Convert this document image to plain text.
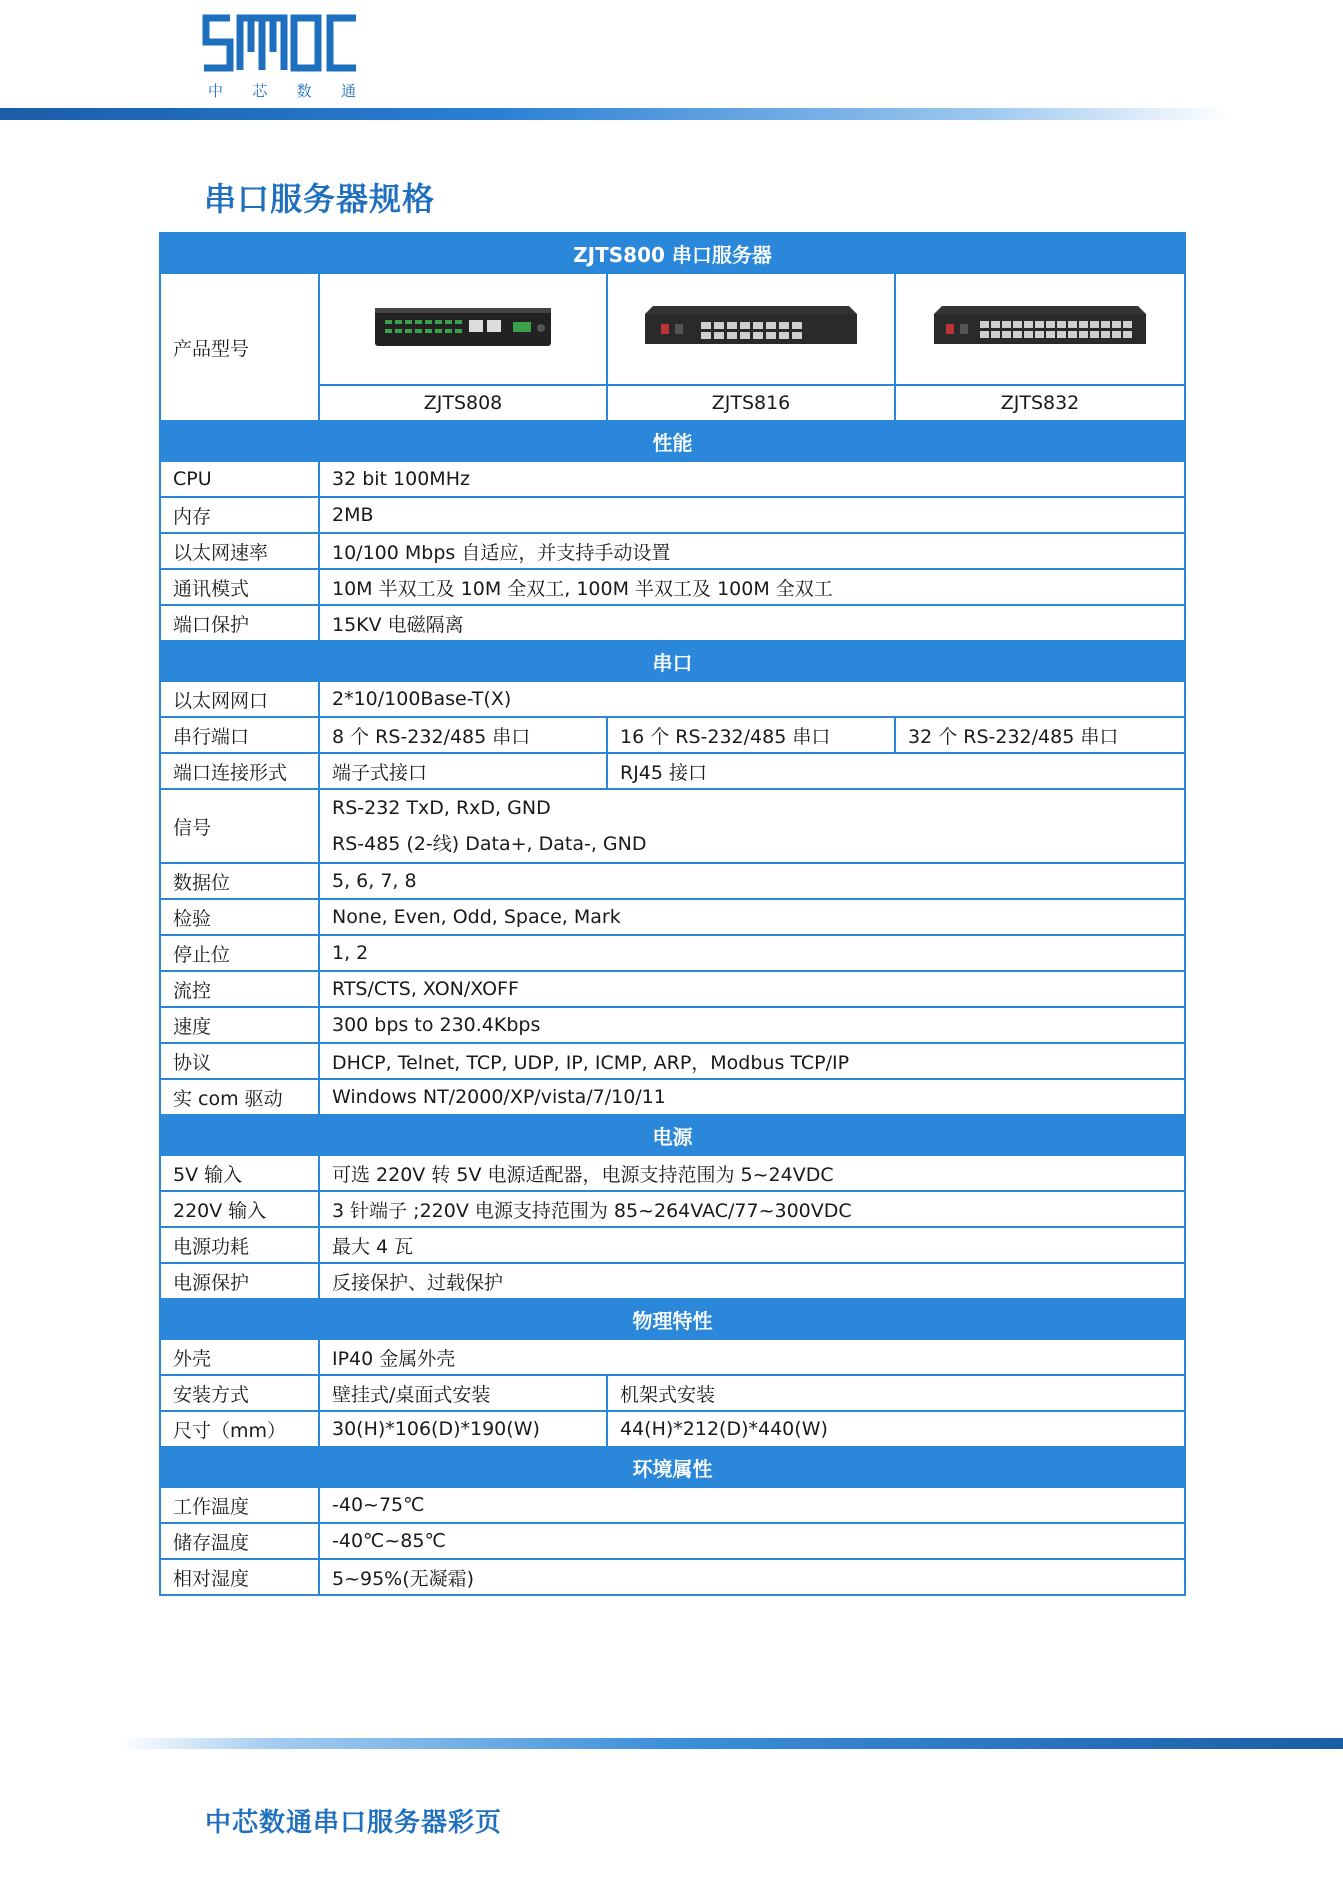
中 芯 数 通
串口服务器规格
ZJTS800 串口服务器			
产品型号			
	ZJTS808	ZJTS816	ZJTS832
性能			
CPU	32 bit 100MHz		
内存	2MB		
以太网速率	10/100 Mbps 自适应，并支持手动设置		
通讯模式	10M 半双工及 10M 全双工, 100M 半双工及 100M 全双工		
端口保护	15KV 电磁隔离		
串口			
以太网网口	2*10/100Base-T(X)		
串行端口	8 个 RS-232/485 串口	16 个 RS-232/485 串口	32 个 RS-232/485 串口
端口连接形式	端子式接口	RJ45 接口	
信号	RS-232 TxD, RxD, GND
RS-485 (2-线) Data+, Data-, GND		

数据位	5, 6, 7, 8		
检验	None, Even, Odd, Space, Mark		
停止位	1, 2		
流控	RTS/CTS, XON/XOFF		
速度	300 bps to 230.4Kbps		
协议	DHCP, Telnet, TCP, UDP, IP, ICMP, ARP，Modbus TCP/IP		
实 com 驱动	Windows NT/2000/XP/vista/7/10/11		
电源			
5V 输入	可选 220V 转 5V 电源适配器，电源支持范围为 5~24VDC		
220V 输入	3 针端子 ;220V 电源支持范围为 85~264VAC/77~300VDC		
电源功耗	最大 4 瓦		
电源保护	反接保护、过载保护		
物理特性			
外壳	IP40 金属外壳		
安装方式	壁挂式/桌面式安装	机架式安装	
尺寸（mm）	30(H)*106(D)*190(W)	44(H)*212(D)*440(W)	
环境属性			
工作温度	-40~75℃		
储存温度	-40℃~85℃		
相对湿度	5~95%(无凝霜)		
中芯数通串口服务器彩页
